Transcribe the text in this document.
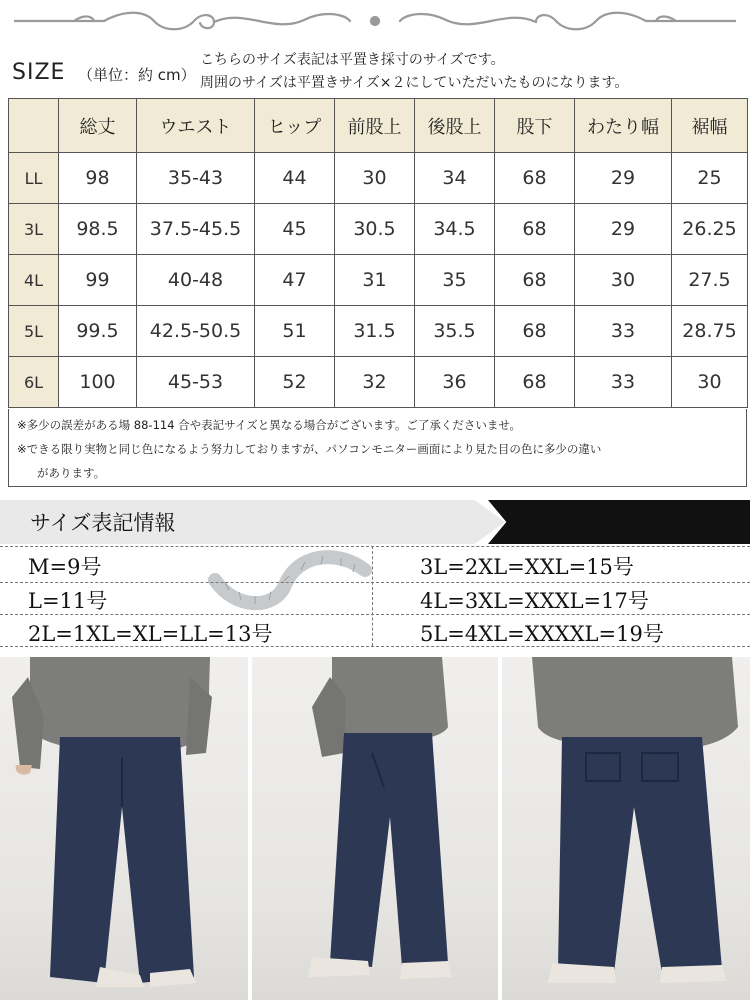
SIZE （単位：約 cm）
こちらのサイズ表記は平置き採寸のサイズです。
周囲のサイズは平置きサイズ×２にしていただいたものになります。
	総丈	ウエスト	ヒップ	前股上	後股上	股下	わたり幅	裾幅
LL	98	35-43	44	30	34	68	29	25
3L	98.5	37.5-45.5	45	30.5	34.5	68	29	26.25
4L	99	40-48	47	31	35	68	30	27.5
5L	99.5	42.5-50.5	51	31.5	35.5	68	33	28.75
6L	100	45-53	52	32	36	68	33	30
※多少の誤差がある場 88-114 合や表記サイズと異なる場合がございます。ご了承くださいませ。
※できる限り実物と同じ色になるよう努力しておりますが、パソコンモニター画面により見た目の色に多少の違い
があります。
サイズ表記情報
M=9号
L=11号
2L=1XL=XL=LL=13号
3L=2XL=XXL=15号
4L=3XL=XXXL=17号
5L=4XL=XXXXL=19号
